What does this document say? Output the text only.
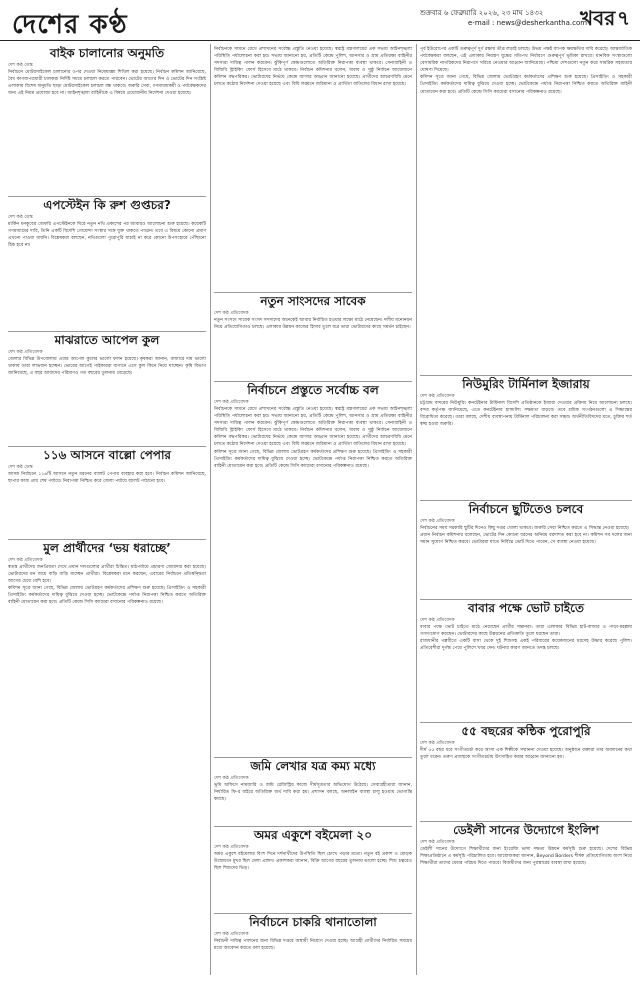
দেশের কণ্ঠ	শুক্রবার ৬ ফেব্রুয়ারি ২০২৬, ২৩ মাঘ ১৪৩২
e-mail : news@desherkantha.com
খবর ৭
বাইক চালানোর অনুমতি
দেশ কণ্ঠ ডেস্ক
নির্বাচনে মোটরসাইকেল চালানোর ওপর দেওয়া নিষেধাজ্ঞা শিথিল করা হয়েছে। নির্বাচন কমিশন জানিয়েছে, বৈধ কাগজপত্রধারী চালকরা নির্দিষ্ট সময়ে চলাচল করতে পারবেন। ভোটের আগের দিন ও ভোটের দিন সংশ্লিষ্ট এলাকায় বিশেষ অনুমতি ছাড়া মোটরসাইকেল চলাচল বন্ধ থাকবে। জরুরি সেবা, গণমাধ্যমকর্মী ও পর্যবেক্ষকদের জন্য এই নিয়ম প্রযোজ্য হবে না। আইনশৃঙ্খলা বাহিনীকে এ বিষয়ে প্রয়োজনীয় নির্দেশনা দেওয়া হয়েছে।
এপস্টেইন কি রুশ গুপ্তচর?
দেশ কণ্ঠ ডেস্ক
মার্কিন ধনকুবের জেফরি এপস্টেইনকে ঘিরে নতুন নথি প্রকাশের পর আবারও আলোচনা শুরু হয়েছে। কয়েকটি গণমাধ্যমের দাবি, তিনি একটি বিদেশি গোয়েন্দা সংস্থার সঙ্গে যুক্ত থাকতে পারেন। তবে এ বিষয়ে কোনো প্রমাণ এখনো পাওয়া যায়নি। বিশ্লেষকরা বলছেন, নথিগুলো পুরোপুরি যাচাই না করে কোনো উপসংহারে পৌঁছানো ঠিক হবে না।
মাঝরাতে আপেল কুল
দেশ কণ্ঠ প্রতিবেদক
জেলার বিভিন্ন উপজেলায় এবার আপেল কুলের ভালো ফলন হয়েছে। কৃষকরা জানান, বাজারে দাম ভালো থাকায় তারা লাভবান হচ্ছেন। ভোরের আগেই পাইকাররা বাগানে এসে কুল কিনে নিয়ে যাচ্ছেন। কৃষি বিভাগ জানিয়েছে, এ বছর আবাদের পরিমাণও গত বছরের তুলনায় বেড়েছে।
১১৬ আসনে বাল্লো পেপার
দেশ কণ্ঠ ডেস্ক
আসন্ন নির্বাচনে ১১৬টি আসনে নতুন ধরনের ব্যালট পেপার ব্যবহার করা হবে। নির্বাচন কমিশন জানিয়েছে, ছাপার কাজ প্রায় শেষ পর্যায়ে। নিরাপত্তা নিশ্চিত করে জেলা পর্যায়ে ব্যালট পাঠানো হবে।
মুল প্রার্থীদের ‘ভয় ধরাচ্ছে’
দেশ কণ্ঠ প্রতিবেদক
স্বতন্ত্র প্রার্থীদের জনপ্রিয়তা দেখে প্রধান দলগুলোর প্রার্থীরা চিন্তিত। মাঠপর্যায়ে প্রচারণা জোরদার করা হয়েছে। ভোটারদের মন জয়ে বাড়ি বাড়ি যাচ্ছেন প্রার্থীরা। বিশ্লেষকরা মনে করছেন, এবারের নির্বাচনে প্রতিদ্বন্দ্বিতা আগের চেয়ে বেশি হবে।
কমিশন সূত্রে জানা গেছে, বিভিন্ন জেলায় ভোটগ্রহণ কর্মকর্তাদের প্রশিক্ষণ শুরু হয়েছে। প্রিসাইডিং ও সহকারী প্রিসাইডিং কর্মকর্তাদের দায়িত্ব বুঝিয়ে দেওয়া হচ্ছে। ভোটকেন্দ্রে পর্যাপ্ত নিরাপত্তা নিশ্চিত করতে অতিরিক্ত বাহিনী মোতায়েন করা হবে। প্রতিটি কেন্দ্রে সিসি ক্যামেরা বসানোর পরিকল্পনাও রয়েছে।
নির্বাচনকে সামনে রেখে প্রশাসনের সর্বোচ্চ প্রস্তুতি নেওয়া হয়েছে। স্বরাষ্ট্র মন্ত্রণালয়ের এক সভায় আইনশৃঙ্খলা পরিস্থিতি পর্যালোচনা করা হয়। সভায় জানানো হয়, প্রতিটি কেন্দ্রে পুলিশ, আনসার ও গ্রাম প্রতিরক্ষা বাহিনীর সদস্যরা দায়িত্ব পালন করবেন। ঝুঁকিপূর্ণ কেন্দ্রগুলোতে অতিরিক্ত নিরাপত্তা ব্যবস্থা থাকবে। সেনাবাহিনী ও বিজিবি স্ট্রাইকিং ফোর্স হিসেবে মাঠে থাকবে। নির্বাচন কমিশনার বলেন, অবাধ ও সুষ্ঠু নির্বাচন আয়োজনে কমিশন বদ্ধপরিকর। ভোটারদের নির্ভয়ে কেন্দ্রে আসার আহ্বান জানানো হয়েছে। প্রার্থীদের আচরণবিধি মেনে চলতে কঠোর নির্দেশনা দেওয়া হয়েছে এবং বিধি লঙ্ঘনে জরিমানা ও প্রার্থিতা বাতিলের বিধান রাখা হয়েছে।
নতুন সাংসদের সাবেক
দেশ কণ্ঠ প্রতিবেদক
নতুন সংসদে সাবেক সংসদ সদস্যদের অনেকেই আবার নির্বাচিত হওয়ার লক্ষ্যে মাঠে নেমেছেন। দলীয় মনোনয়ন নিয়ে প্রতিযোগিতাও চলছে। এলাকার উন্নয়ন কাজের হিসাব তুলে ধরে তারা ভোটারদের কাছে সমর্থন চাইছেন।
নির্বাচনে প্রস্তুতে সর্বোচ্চ বল
দেশ কণ্ঠ প্রতিবেদক
নির্বাচনকে সামনে রেখে প্রশাসনের সর্বোচ্চ প্রস্তুতি নেওয়া হয়েছে। স্বরাষ্ট্র মন্ত্রণালয়ের এক সভায় আইনশৃঙ্খলা পরিস্থিতি পর্যালোচনা করা হয়। সভায় জানানো হয়, প্রতিটি কেন্দ্রে পুলিশ, আনসার ও গ্রাম প্রতিরক্ষা বাহিনীর সদস্যরা দায়িত্ব পালন করবেন। ঝুঁকিপূর্ণ কেন্দ্রগুলোতে অতিরিক্ত নিরাপত্তা ব্যবস্থা থাকবে। সেনাবাহিনী ও বিজিবি স্ট্রাইকিং ফোর্স হিসেবে মাঠে থাকবে। নির্বাচন কমিশনার বলেন, অবাধ ও সুষ্ঠু নির্বাচন আয়োজনে কমিশন বদ্ধপরিকর। ভোটারদের নির্ভয়ে কেন্দ্রে আসার আহ্বান জানানো হয়েছে। প্রার্থীদের আচরণবিধি মেনে চলতে কঠোর নির্দেশনা দেওয়া হয়েছে এবং বিধি লঙ্ঘনে জরিমানা ও প্রার্থিতা বাতিলের বিধান রাখা হয়েছে।
কমিশন সূত্রে জানা গেছে, বিভিন্ন জেলায় ভোটগ্রহণ কর্মকর্তাদের প্রশিক্ষণ শুরু হয়েছে। প্রিসাইডিং ও সহকারী প্রিসাইডিং কর্মকর্তাদের দায়িত্ব বুঝিয়ে দেওয়া হচ্ছে। ভোটকেন্দ্রে পর্যাপ্ত নিরাপত্তা নিশ্চিত করতে অতিরিক্ত বাহিনী মোতায়েন করা হবে। প্রতিটি কেন্দ্রে সিসি ক্যামেরা বসানোর পরিকল্পনাও রয়েছে।
জমি লেখার যত্র কম্য মধ্যে
দেশ কণ্ঠ প্রতিবেদক
ভূমি অফিসে নামজারি ও জমি রেজিস্ট্রির কাজে দীর্ঘসূত্রতার অভিযোগ উঠেছে। সেবাগ্রহীতারা জানান, নির্ধারিত ফি-র বাইরে অতিরিক্ত অর্থ দাবি করা হয়। প্রশাসন বলছে, অনলাইন ব্যবস্থা চালু হওয়ায় ভোগান্তি কমছে।
অমর একুশে বইমেলা ২০
দেশ কণ্ঠ প্রতিবেদক
অমর একুশে বইমেলার বিংশ দিনে দর্শনার্থীদের উপস্থিতি ছিল চোখে পড়ার মতো। নতুন বই প্রকাশ ও মোড়ক উন্মোচনে মুখর ছিল মেলা প্রাঙ্গণ। প্রকাশকরা জানান, বিক্রি আগের বছরের তুলনায় ভালো হচ্ছে। শিশু চত্বরেও ছিল শিশুদের ভিড়।
নির্বাচনে চাকরি থানাতোলা
দেশ কণ্ঠ প্রতিবেদক
নির্বাচনী দায়িত্ব পালনের জন্য বিভিন্ন দপ্তরে অস্থায়ী নিয়োগ দেওয়া হচ্ছে। আগ্রহী প্রার্থীদের নির্ধারিত সময়ের মধ্যে আবেদন করতে বলা হয়েছে।
পূর্ব ইউরোপের একটি গুরুত্বপূর্ণ দুর্গ রক্ষায় তীব্র লড়াই চলছে। উভয় পক্ষই ব্যাপক ক্ষয়ক্ষতির দাবি করেছে। আন্তর্জাতিক পর্যবেক্ষকরা বলছেন, এই এলাকার নিয়ন্ত্রণ যুদ্ধের গতিপথ নির্ধারণে গুরুত্বপূর্ণ ভূমিকা রাখবে। মানবিক সংস্থাগুলো বেসামরিক নাগরিকদের নিরাপদে সরিয়ে নেওয়ার আহ্বান জানিয়েছে। পশ্চিমা দেশগুলো নতুন করে সামরিক সহায়তার ঘোষণা দিয়েছে।
কমিশন সূত্রে জানা গেছে, বিভিন্ন জেলায় ভোটগ্রহণ কর্মকর্তাদের প্রশিক্ষণ শুরু হয়েছে। প্রিসাইডিং ও সহকারী প্রিসাইডিং কর্মকর্তাদের দায়িত্ব বুঝিয়ে দেওয়া হচ্ছে। ভোটকেন্দ্রে পর্যাপ্ত নিরাপত্তা নিশ্চিত করতে অতিরিক্ত বাহিনী মোতায়েন করা হবে। প্রতিটি কেন্দ্রে সিসি ক্যামেরা বসানোর পরিকল্পনাও রয়েছে।
নিউমুরিং টার্মিনাল ইজারায়
দেশ কণ্ঠ প্রতিবেদক
চট্টগ্রাম বন্দরের নিউমুরিং কনটেইনার টার্মিনাল বিদেশি প্রতিষ্ঠানকে ইজারা দেওয়ার প্রক্রিয়া নিয়ে আলোচনা চলছে। বন্দর কর্তৃপক্ষ জানিয়েছে, এতে কনটেইনার হ্যান্ডলিং সক্ষমতা বাড়বে। তবে শ্রমিক সংগঠনগুলো এ সিদ্ধান্তের বিরোধিতা করেছে। তারা বলছে, দেশীয় ব্যবস্থাপনায় টার্মিনাল পরিচালনা করা সম্ভব। অর্থনীতিবিদদের মতে, চুক্তির শর্ত স্বচ্ছ হওয়া জরুরি।
নির্বাচনে ছুটিতেও চলবে
দেশ কণ্ঠ প্রতিবেদক
নির্বাচনের সময় সরকারি ছুটির দিনেও কিছু দপ্তর খোলা থাকবে। জরুরি সেবা নিশ্চিত করতে এ সিদ্ধান্ত নেওয়া হয়েছে।
প্রধান নির্বাচন কমিশনার বলেছেন, ভোটের দিন কোনো ধরনের অনিয়ম বরদাশত করা হবে না। কমিশন সব দলের জন্য সমান সুযোগ নিশ্চিত করবে। ভোটাররা যাতে নির্বিঘ্নে ভোট দিতে পারেন, সে ব্যবস্থা নেওয়া হয়েছে।
বাবার পক্ষে ভোট চাইতে
দেশ কণ্ঠ প্রতিবেদক
বাবার পক্ষে ভোট চাইতে মাঠে নেমেছেন প্রার্থীর সন্তানরা। তারা এলাকার বিভিন্ন হাট-বাজার ও পাড়া-মহল্লায় গণসংযোগ করছেন। ভোটারদের কাছে উন্নয়নের প্রতিশ্রুতি তুলে ধরছেন তারা।
রাজধানীর পল্লবীতে একটি বাসা থেকে দুই শিশুসহ একই পরিবারের কয়েকজনের মরদেহ উদ্ধার করেছে পুলিশ। প্রতিবেশীরা দুর্গন্ধ পেয়ে পুলিশে খবর দেন। ঘটনার কারণ জানতে তদন্ত চলছে।
৫৫ বছরের কন্ঠিক পুরোপুরি
দেশ কণ্ঠ প্রতিবেদক
দীর্ঘ ৫৫ বছর ধরে সংগীতচর্চা করে আসা এক শিল্পীকে সম্মাননা দেওয়া হয়েছে। অনুষ্ঠানে বক্তারা তার অবদানের কথা তুলে ধরেন। তরুণ প্রজন্মকে সংগীতচর্চায় উৎসাহিত করার আহ্বান জানানো হয়।
ডেইলী সানের উদ্যোগে ইংলিশ
দেশ কণ্ঠ প্রতিবেদক
ডেইলী সানের উদ্যোগে শিক্ষার্থীদের জন্য ইংরেজি ভাষা দক্ষতা উন্নয়ন কর্মসূচি শুরু হয়েছে। দেশের বিভিন্ন শিক্ষাপ্রতিষ্ঠানে এ কর্মসূচি পরিচালিত হবে। আয়োজকরা জানান, Beyond Borders শীর্ষক প্রতিযোগিতায় অংশ নিয়ে শিক্ষার্থীরা তাদের মেধার পরিচয় দিতে পারবে। বিজয়ীদের জন্য পুরস্কারের ব্যবস্থা রাখা হয়েছে।
